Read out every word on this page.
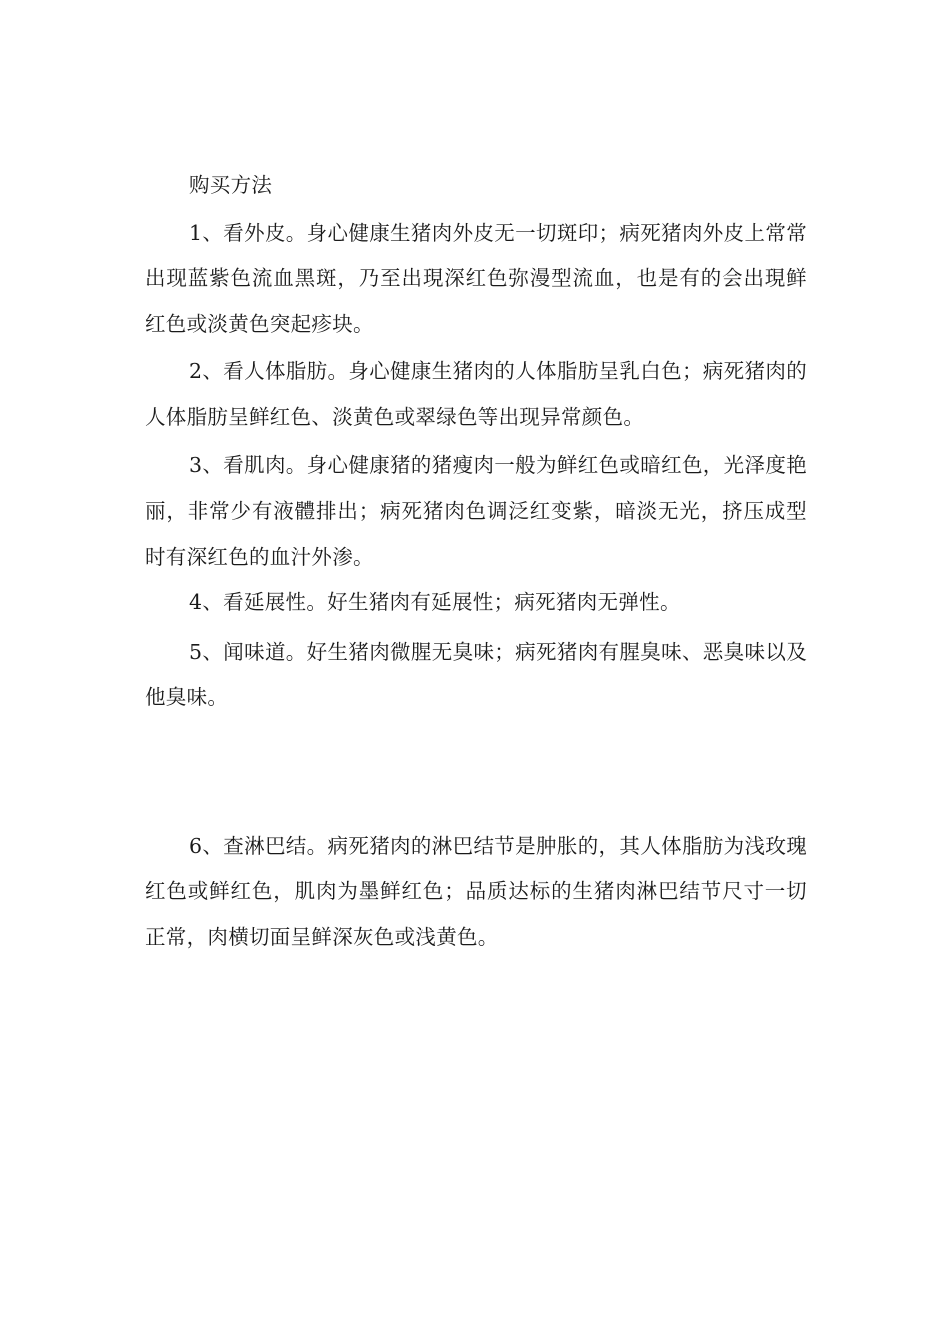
购买方法

1、看外皮。身心健康生猪肉外皮无一切斑印；病死猪肉外皮上常常出现蓝紫色流血黑斑，乃至出現深红色弥漫型流血，也是有的会出現鲜红色或淡黄色突起疹块。

2、看人体脂肪。身心健康生猪肉的人体脂肪呈乳白色；病死猪肉的人体脂肪呈鲜红色、淡黄色或翠绿色等出现异常颜色。

3、看肌肉。身心健康猪的猪瘦肉一般为鲜红色或暗红色，光泽度艳丽，非常少有液體排出；病死猪肉色调泛红变紫，暗淡无光，挤压成型时有深红色的血汁外渗。

4、看延展性。好生猪肉有延展性；病死猪肉无弹性。

5、闻味道。好生猪肉微腥无臭味；病死猪肉有腥臭味、恶臭味以及他臭味。

6、查淋巴结。病死猪肉的淋巴结节是肿胀的，其人体脂肪为浅玫瑰红色或鲜红色，肌肉为墨鲜红色；品质达标的生猪肉淋巴结节尺寸一切正常，肉横切面呈鲜深灰色或浅黄色。
